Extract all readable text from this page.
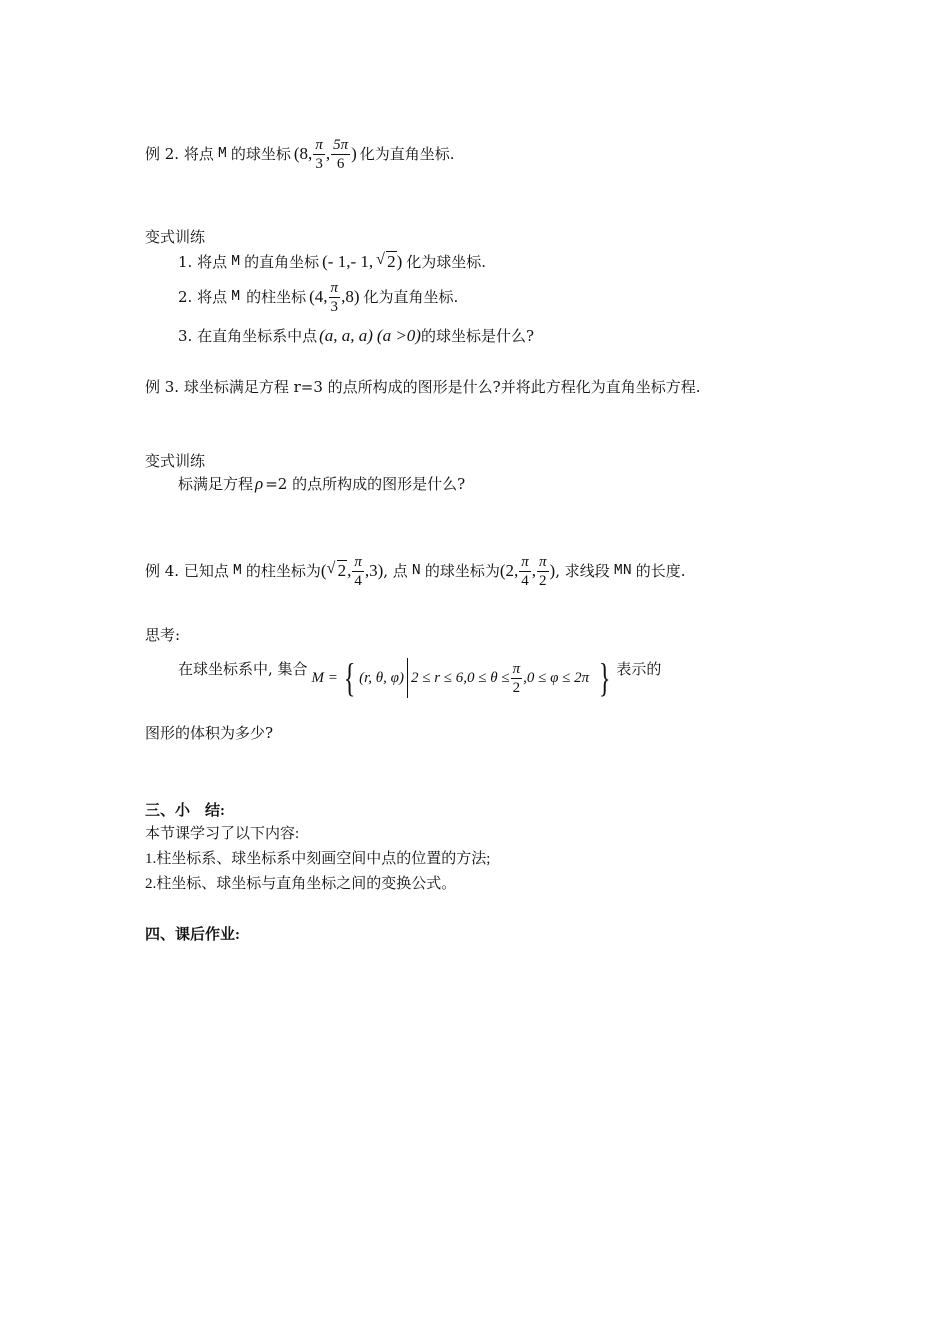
例 2. 将点 M 的球坐标 (8, $\frac{\pi}{3}$ , $\frac{5\pi}{6}$ ) 化为直角坐标.
变式训练
1. 将点 M 的直角坐标 (- 1,- 1, √ 2 ) 化为球坐标.
2. 将点 M 的柱坐标 (4, $\frac{\pi}{3} ,8$) 化为直角坐标.
3. 在直角坐标系中点 (a, a, a) (a >0) 的球坐标是什么?
例 3. 球坐标满足方程 r=3 的点所构成的图形是什么?并将此方程化为直角坐标方程.
变式训练
标满足方程 ρ =2 的点所构成的图形是什么?
例 4. 已知点 M 的柱坐标为 ( √ 2 , $\frac{\pi}{4} ,3$) , 点 N 的球坐标为 (2, $\frac{\pi}{4}$ , $\frac{\pi}{2}$ ) , 求线段 MN 的长度.
思考:
在球坐标系中, 集合 M = { (r, θ, φ) $2 \le r \le 6,0 \le \theta \le \frac{\pi}{2} ,0 \le \varphi \le 2\pi$ } 表示的
图形的体积为多少?
三、小　结:
本节课学习了以下内容:
1.柱坐标系、球坐标系中刻画空间中点的位置的方法;
2.柱坐标、球坐标与直角坐标之间的变换公式。
四、课后作业:
